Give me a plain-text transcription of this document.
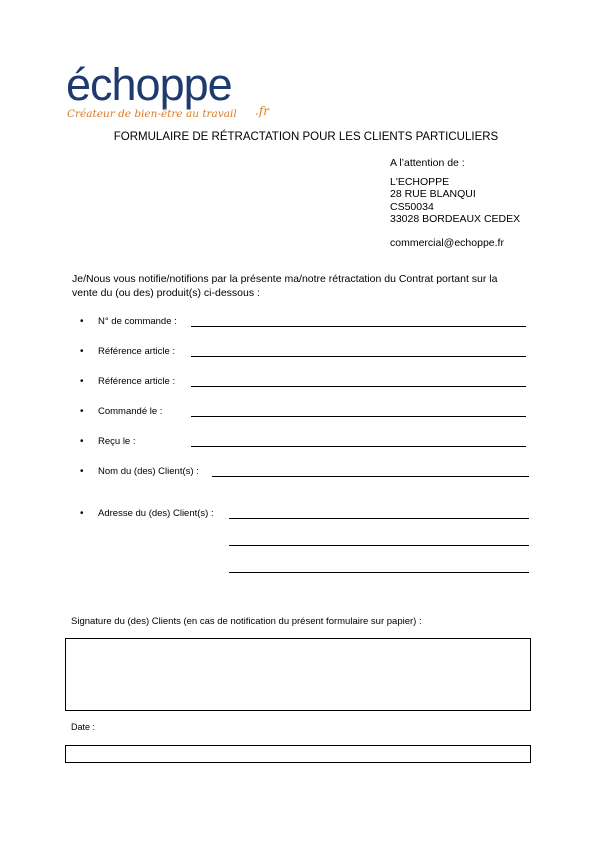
échoppe
.fr
Créateur de bien-être au travail
FORMULAIRE DE RÉTRACTATION POUR LES CLIENTS PARTICULIERS
A l’attention de :
L'ECHOPPE
28 RUE BLANQUI
CS50034
33028 BORDEAUX CEDEX
commercial@echoppe.fr
Je/Nous vous notifie/notifions par la présente ma/notre rétractation du Contrat portant sur la
vente du (ou des) produit(s) ci-dessous :
• N° de commande :
• Référence article :
• Référence article :
• Commandé le :
• Reçu le :
• Nom du (des) Client(s) :
• Adresse du (des) Client(s) :
Signature du (des) Clients (en cas de notification du présent formulaire sur papier) :
Date :
